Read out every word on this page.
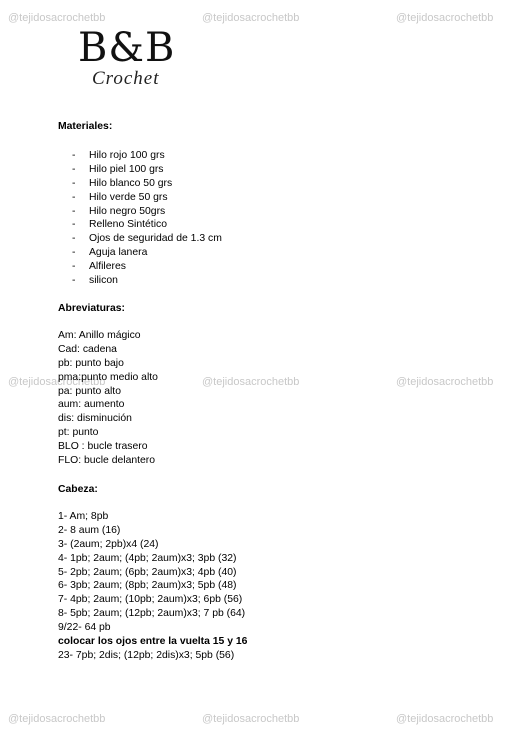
@tejidosacrochetbb	@tejidosacrochetbb	@tejidosacrochetbb
@tejidosacrochetbb	@tejidosacrochetbb	@tejidosacrochetbb
@tejidosacrochetbb	@tejidosacrochetbb	@tejidosacrochetbb
B&B
Crochet
Materiales:
- Hilo rojo 100 grs
- Hilo piel 100 grs
- Hilo blanco 50 grs
- Hilo verde 50 grs
- Hilo negro 50grs
- Relleno Sintético
- Ojos de seguridad de 1.3 cm
- Aguja lanera
- Alfileres
- silicon
Abreviaturas:
Am: Anillo mágico
Cad: cadena
pb: punto bajo
pma:punto medio alto
pa: punto alto
aum: aumento
dis: disminución
pt: punto
BLO : bucle trasero
FLO: bucle delantero
Cabeza:
1- Am; 8pb
2- 8 aum (16)
3- (2aum; 2pb)x4 (24)
4- 1pb; 2aum; (4pb; 2aum)x3; 3pb (32)
5- 2pb; 2aum; (6pb; 2aum)x3; 4pb (40)
6- 3pb; 2aum; (8pb; 2aum)x3; 5pb (48)
7- 4pb; 2aum; (10pb; 2aum)x3; 6pb (56)
8- 5pb; 2aum; (12pb; 2aum)x3; 7 pb (64)
9/22- 64 pb
colocar los ojos entre la vuelta 15 y 16
23- 7pb; 2dis; (12pb; 2dis)x3; 5pb (56)
